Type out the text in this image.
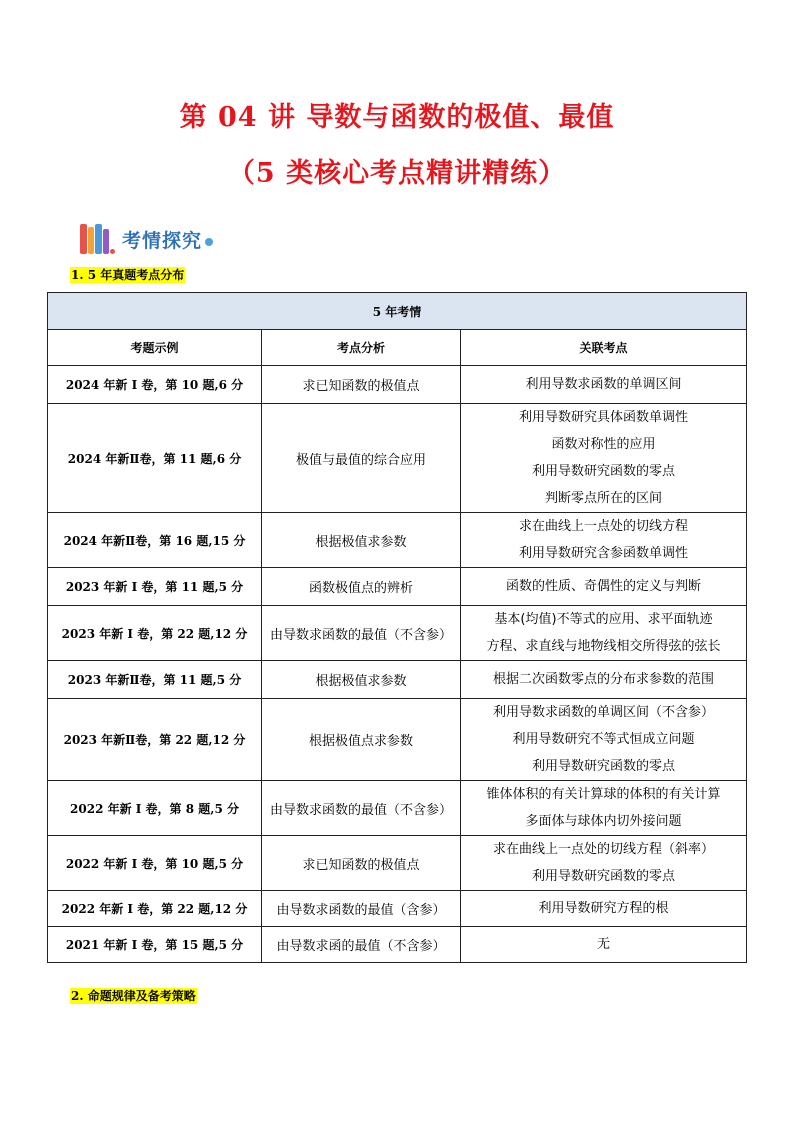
第 04 讲 导数与函数的极值、最值
（5 类核心考点精讲精练）
考情探究
1. 5 年真题考点分布
5 年考情		
考题示例	考点分析	关联考点
2024 年新 I 卷，第 10 题,6 分	求已知函数的极值点	利用导数求函数的单调区间

2024 年新Ⅱ卷，第 11 题,6 分	极值与最值的综合应用	利用导数研究具体函数单调性
函数对称性的应用
利用导数研究函数的零点
判断零点所在的区间

2024 年新Ⅱ卷，第 16 题,15 分	根据极值求参数	求在曲线上一点处的切线方程
利用导数研究含参函数单调性

2023 年新 I 卷，第 11 题,5 分	函数极值点的辨析	函数的性质、奇偶性的定义与判断

2023 年新 I 卷，第 22 题,12 分	由导数求函数的最值（不含参）	基本(均值)不等式的应用、求平面轨迹
方程、求直线与地物线相交所得弦的弦长

2023 年新Ⅱ卷，第 11 题,5 分	根据极值求参数	根据二次函数零点的分布求参数的范围

2023 年新Ⅱ卷，第 22 题,12 分	根据极值点求参数	利用导数求函数的单调区间（不含参）
利用导数研究不等式恒成立问题
利用导数研究函数的零点

2022 年新 I 卷，第 8 题,5 分	由导数求函数的最值（不含参）	锥体体积的有关计算球的体积的有关计算
多面体与球体内切外接问题

2022 年新 I 卷，第 10 题,5 分	求已知函数的极值点	求在曲线上一点处的切线方程（斜率）
利用导数研究函数的零点

2022 年新 I 卷，第 22 题,12 分	由导数求函数的最值（含参）	利用导数研究方程的根

2021 年新 I 卷，第 15 题,5 分	由导数求函的最值（不含参）	无
2. 命题规律及备考策略
